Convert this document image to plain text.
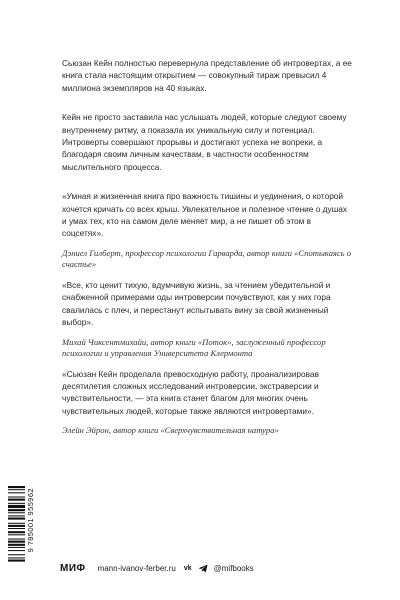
Сьюзан Кейн полностью перевернула представление об интровертах, а ее книга стала настоящим открытием — совокупный тираж превысил 4 миллиона экземпляров на 40 языках.

Кейн не просто заставила нас услышать людей, которые следуют своему внутреннему ритму, а показала их уникальную силу и потенциал. Интроверты совершают прорывы и достигают успеха не вопреки, а благодаря своим личным качествам, в частности особенностям мыслительного процесса.

«Умная и жизненная книга про важность тишины и уединения, о которой хочется кричать со всех крыш. Увлекательное и полезное чтение о душах и умах тех, кто на самом деле меняет мир, а не пишет об этом в соцсетях».

Дэниел Гилберт, профессор психологии Гарварда, автор книги «Спотыкаясь о счастье»

«Все, кто ценит тихую, вдумчивую жизнь, за чтением убедительной и снабженной примерами оды интроверсии почувствуют, как у них гора свалилась с плеч, и перестанут испытывать вину за свой жизненный выбор».

Михай Чиксентмихайи, автор книги «Поток», заслуженный профессор психологии и управления Университета Клермонта

«Сьюзан Кейн проделала превосходную работу, проанализировав десятилетия сложных исследований интроверсии, экстраверсии и чувствительности, — эта книга станет благом для многих очень чувствительных людей, которые также являются интровертами».

Элейн Эйрон, автор книги «Сверхчувствительная натура»

9 785001 955962
МИФ mann-ivanov-ferber.ru vk	@mifbooks
